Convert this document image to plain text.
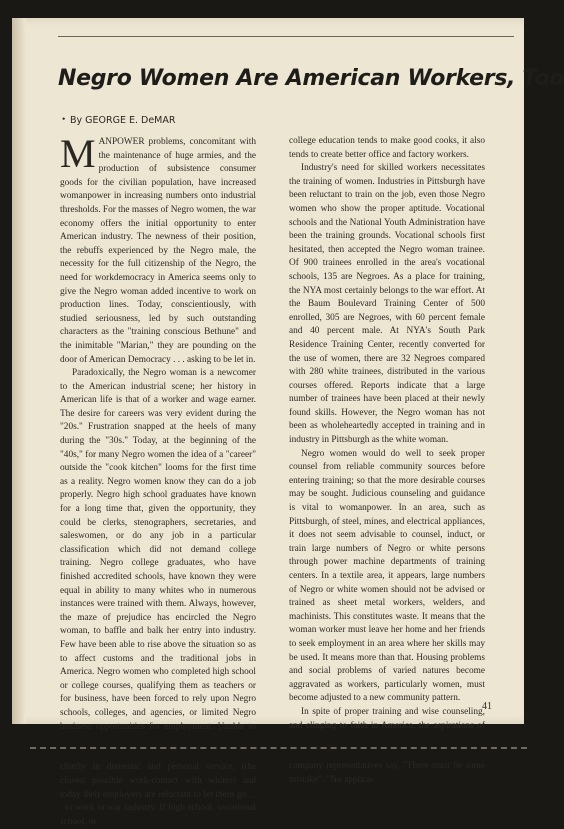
Negro Women Are American Workers, Too
• By GEORGE E. DeMAR

MANPOWER problems, concomitant with the maintenance of huge armies, and the production of subsistence consumer goods for the civilian population, have increased womanpower in increasing numbers onto industrial thresholds. For the masses of Negro women, the war economy offers the initial opportunity to enter American industry. The newness of their position, the rebuffs experienced by the Negro male, the necessity for the full citizenship of the Negro, the need for workdemocracy in America seems only to give the Negro woman added incentive to work on production lines. Today, conscientiously, with studied seriousness, led by such outstanding characters as the "training conscious Bethune" and the inimitable "Marian," they are pounding on the door of American Democracy . . . asking to be let in.

Paradoxically, the Negro woman is a newcomer to the American industrial scene; her history in American life is that of a worker and wage earner. The desire for careers was very evident during the "20s." Frustration snapped at the heels of many during the "30s." Today, at the beginning of the "40s," for many Negro women the idea of a "career" outside the "cook kitchen" looms for the first time as a reality. Negro women know they can do a job properly. Negro high school graduates have known for a long time that, given the opportunity, they could be clerks, stenographers, secretaries, and saleswomen, or do any job in a particular classification which did not demand college training. Negro college graduates, who have finished accredited schools, have known they were equal in ability to many whites who in numerous instances were trained with them. Always, however, the maze of prejudice has encircled the Negro woman, to baffle and balk her entry into industry. Few have been able to rise above the situation so as to affect customs and the traditional jobs in America. Negro women who completed high school or college courses, qualifying them as teachers or for business, have been forced to rely upon Negro schools, colleges, and agencies, or limited Negro business opportunities for employment. Unable to chiefly in domestic and personal service, (the closest possible work-contact with whites) and today their employers are reluctant to let them go . . . to work in war industry. If high school, vocational school, or

college education tends to make good cooks, it also tends to create better office and factory workers.

Industry's need for skilled workers necessitates the training of women. Industries in Pittsburgh have been reluctant to train on the job, even those Negro women who show the proper aptitude. Vocational schools and the National Youth Administration have been the training grounds. Vocational schools first hesitated, then accepted the Negro woman trainee. Of 900 trainees enrolled in the area's vocational schools, 135 are Negroes. As a place for training, the NYA most certainly belongs to the war effort. At the Baum Boulevard Training Center of 500 enrolled, 305 are Negroes, with 60 percent female and 40 percent male. At NYA's South Park Residence Training Center, recently converted for the use of women, there are 32 Negroes compared with 280 white trainees, distributed in the various courses offered. Reports indicate that a large number of trainees have been placed at their newly found skills. However, the Negro woman has not been as wholeheartedly accepted in training and in industry in Pittsburgh as the white woman.

Negro women would do well to seek proper counsel from reliable community sources before entering training; so that the more desirable courses may be sought. Judicious counseling and guidance is vital to womanpower. In an area, such as Pittsburgh, of steel, mines, and electrical appliances, it does not seem advisable to counsel, induct, or train large numbers of Negro or white persons through power machine departments of training centers. In a textile area, it appears, large numbers of Negro or white women should not be advised or trained as sheet metal workers, welders, and machinists. This constitutes waste. It means that the woman worker must leave her home and her friends to seek employment in an area where her skills may be used. It means more than that. Housing problems and social problems of varied natures become aggravated as workers, particularly women, must become adjusted to a new community pattern.

In spite of proper training and wise counseling, and clinging to faith in America, the aspirations of company representatives say, "There must be some mistake": "No applica-

41
